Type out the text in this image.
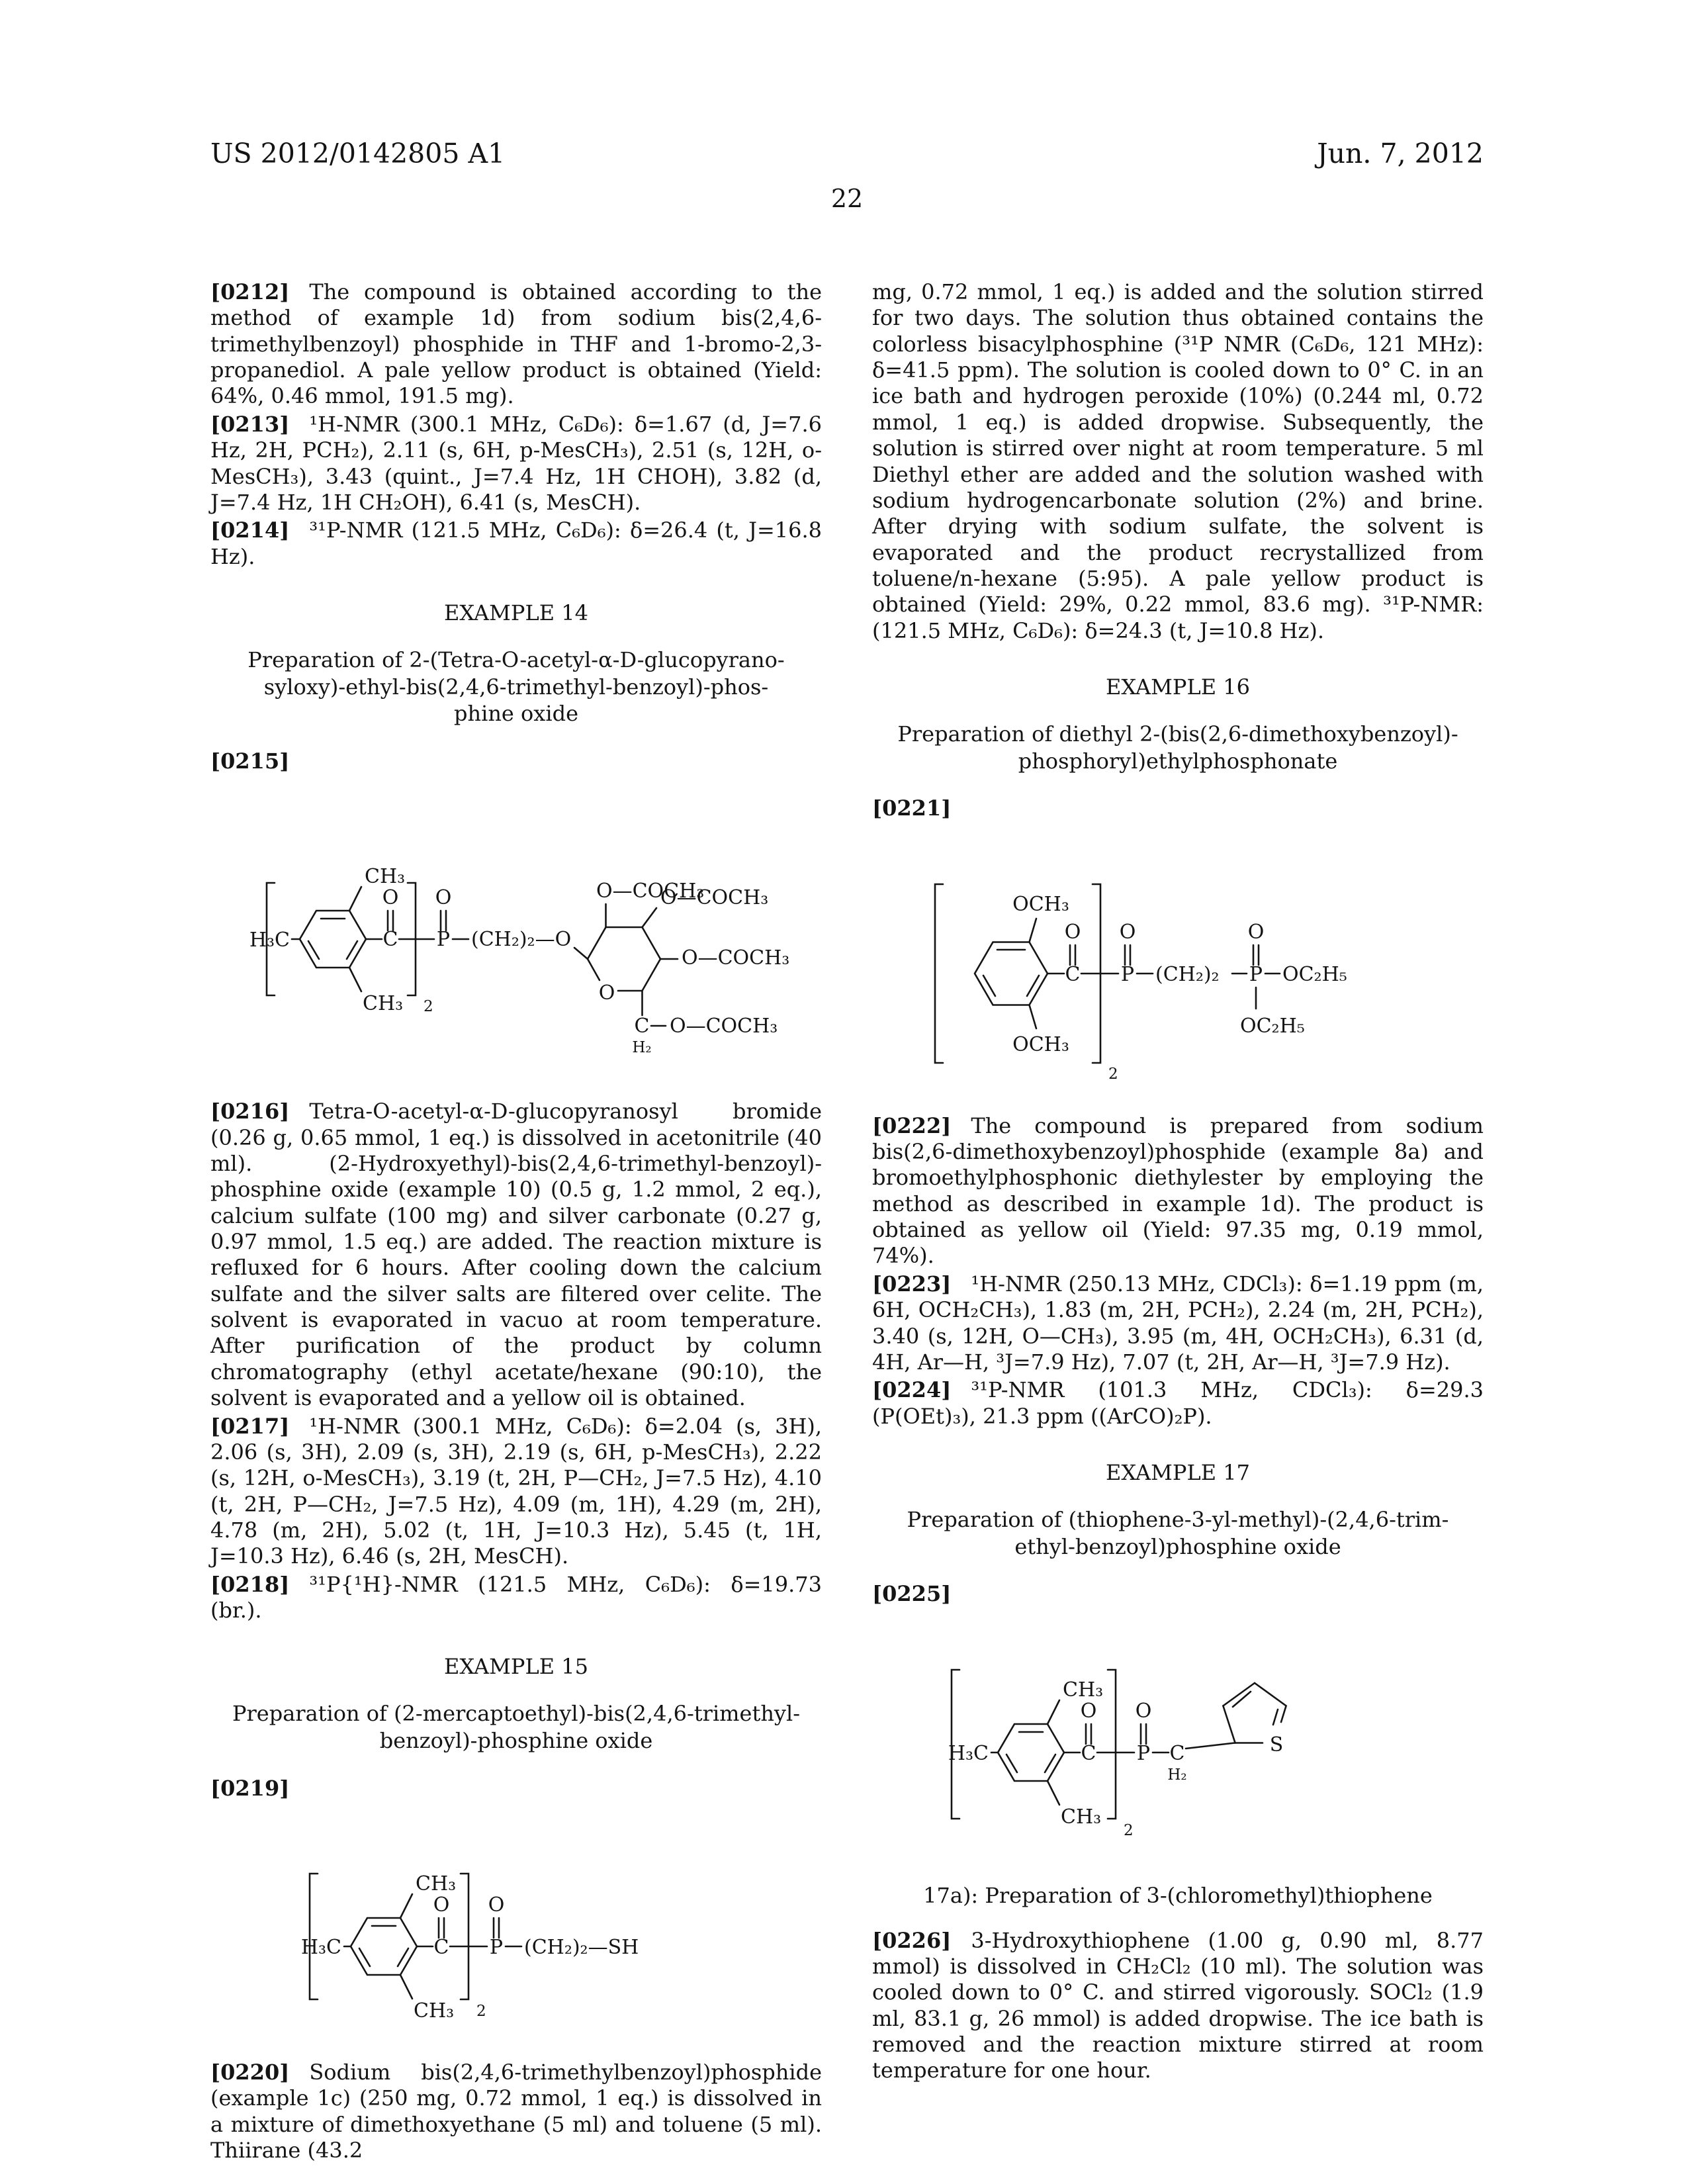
US 2012/0142805 A1	Jun. 7, 2012
22

[0212] The compound is obtained according to the method of example 1d) from sodium bis(2,4,6-trimethylbenzoyl) phosphide in THF and 1-bromo-2,3-propanediol. A pale yellow product is obtained (Yield: 64%, 0.46 mmol, 191.5 mg).

[0213] ¹H-NMR (300.1 MHz, C₆D₆): δ=1.67 (d, J=7.6 Hz, 2H, PCH₂), 2.11 (s, 6H, p-MesCH₃), 2.51 (s, 12H, o-MesCH₃), 3.43 (quint., J=7.4 Hz, 1H CHOH), 3.82 (d, J=7.4 Hz, 1H CH₂OH), 6.41 (s, MesCH).

[0214] ³¹P-NMR (121.5 MHz, C₆D₆): δ=26.4 (t, J=16.8 Hz).

EXAMPLE 14
Preparation of 2-(Tetra-O-acetyl-α-D-glucopyrano-
syloxy)-ethyl-bis(2,4,6-trimethyl-benzoyl)-phos-
phine oxide

[0215]

H₃C
CH₃
CH₃
C
O
2
P
O
(CH₂)₂—O
O
O—COCH₃
O—COCH₃
O—COCH₃
C
H₂
O—COCH₃

[0216] Tetra-O-acetyl-α-D-glucopyranosyl bromide (0.26 g, 0.65 mmol, 1 eq.) is dissolved in acetonitrile (40 ml). (2-Hydroxyethyl)-bis(2,4,6-trimethyl-benzoyl)-phosphine oxide (example 10) (0.5 g, 1.2 mmol, 2 eq.), calcium sulfate (100 mg) and silver carbonate (0.27 g, 0.97 mmol, 1.5 eq.) are added. The reaction mixture is refluxed for 6 hours. After cooling down the calcium sulfate and the silver salts are filtered over celite. The solvent is evaporated in vacuo at room temperature. After purification of the product by column chromatography (ethyl acetate/hexane (90:10), the solvent is evaporated and a yellow oil is obtained.

[0217] ¹H-NMR (300.1 MHz, C₆D₆): δ=2.04 (s, 3H), 2.06 (s, 3H), 2.09 (s, 3H), 2.19 (s, 6H, p-MesCH₃), 2.22 (s, 12H, o-MesCH₃), 3.19 (t, 2H, P—CH₂, J=7.5 Hz), 4.10 (t, 2H, P—CH₂, J=7.5 Hz), 4.09 (m, 1H), 4.29 (m, 2H), 4.78 (m, 2H), 5.02 (t, 1H, J=10.3 Hz), 5.45 (t, 1H, J=10.3 Hz), 6.46 (s, 2H, MesCH).

[0218] ³¹P{¹H}-NMR (121.5 MHz, C₆D₆): δ=19.73 (br.).

EXAMPLE 15
Preparation of (2-mercaptoethyl)-bis(2,4,6-trimethyl-
benzoyl)-phosphine oxide

[0219]

H₃C
CH₃
CH₃
C
O
2
P
O
(CH₂)₂—SH

[0220] Sodium bis(2,4,6-trimethylbenzoyl)phosphide (example 1c) (250 mg, 0.72 mmol, 1 eq.) is dissolved in a mixture of dimethoxyethane (5 ml) and toluene (5 ml). Thiirane (43.2

mg, 0.72 mmol, 1 eq.) is added and the solution stirred for two days. The solution thus obtained contains the colorless bisacylphosphine (³¹P NMR (C₆D₆, 121 MHz): δ=41.5 ppm). The solution is cooled down to 0° C. in an ice bath and hydrogen peroxide (10%) (0.244 ml, 0.72 mmol, 1 eq.) is added dropwise. Subsequently, the solution is stirred over night at room temperature. 5 ml Diethyl ether are added and the solution washed with sodium hydrogencarbonate solution (2%) and brine. After drying with sodium sulfate, the solvent is evaporated and the product recrystallized from toluene/n-hexane (5:95). A pale yellow product is obtained (Yield: 29%, 0.22 mmol, 83.6 mg). ³¹P-NMR: (121.5 MHz, C₆D₆): δ=24.3 (t, J=10.8 Hz).

EXAMPLE 16
Preparation of diethyl 2-(bis(2,6-dimethoxybenzoyl)-
phosphoryl)ethylphosphonate

[0221]

OCH₃
OCH₃
C
O
2
P
O
(CH₂)₂ P
O
OC₂H₅
OC₂H₅

[0222] The compound is prepared from sodium bis(2,6-dimethoxybenzoyl)phosphide (example 8a) and bromoethylphosphonic diethylester by employing the method as described in example 1d). The product is obtained as yellow oil (Yield: 97.35 mg, 0.19 mmol, 74%).

[0223] ¹H-NMR (250.13 MHz, CDCl₃): δ=1.19 ppm (m, 6H, OCH₂CH₃), 1.83 (m, 2H, PCH₂), 2.24 (m, 2H, PCH₂), 3.40 (s, 12H, O—CH₃), 3.95 (m, 4H, OCH₂CH₃), 6.31 (d, 4H, Ar—H, ³J=7.9 Hz), 7.07 (t, 2H, Ar—H, ³J=7.9 Hz).

[0224] ³¹P-NMR (101.3 MHz, CDCl₃): δ=29.3 (P(OEt)₃), 21.3 ppm ((ArCO)₂P).

EXAMPLE 17
Preparation of (thiophene-3-yl-methyl)-(2,4,6-trim-
ethyl-benzoyl)phosphine oxide

[0225]

H₃C
CH₃
CH₃
C
O
2
P
O
C
H₂
S
17a): Preparation of 3-(chloromethyl)thiophene

[0226] 3-Hydroxythiophene (1.00 g, 0.90 ml, 8.77 mmol) is dissolved in CH₂Cl₂ (10 ml). The solution was cooled down to 0° C. and stirred vigorously. SOCl₂ (1.9 ml, 83.1 g, 26 mmol) is added dropwise. The ice bath is removed and the reaction mixture stirred at room temperature for one hour.
